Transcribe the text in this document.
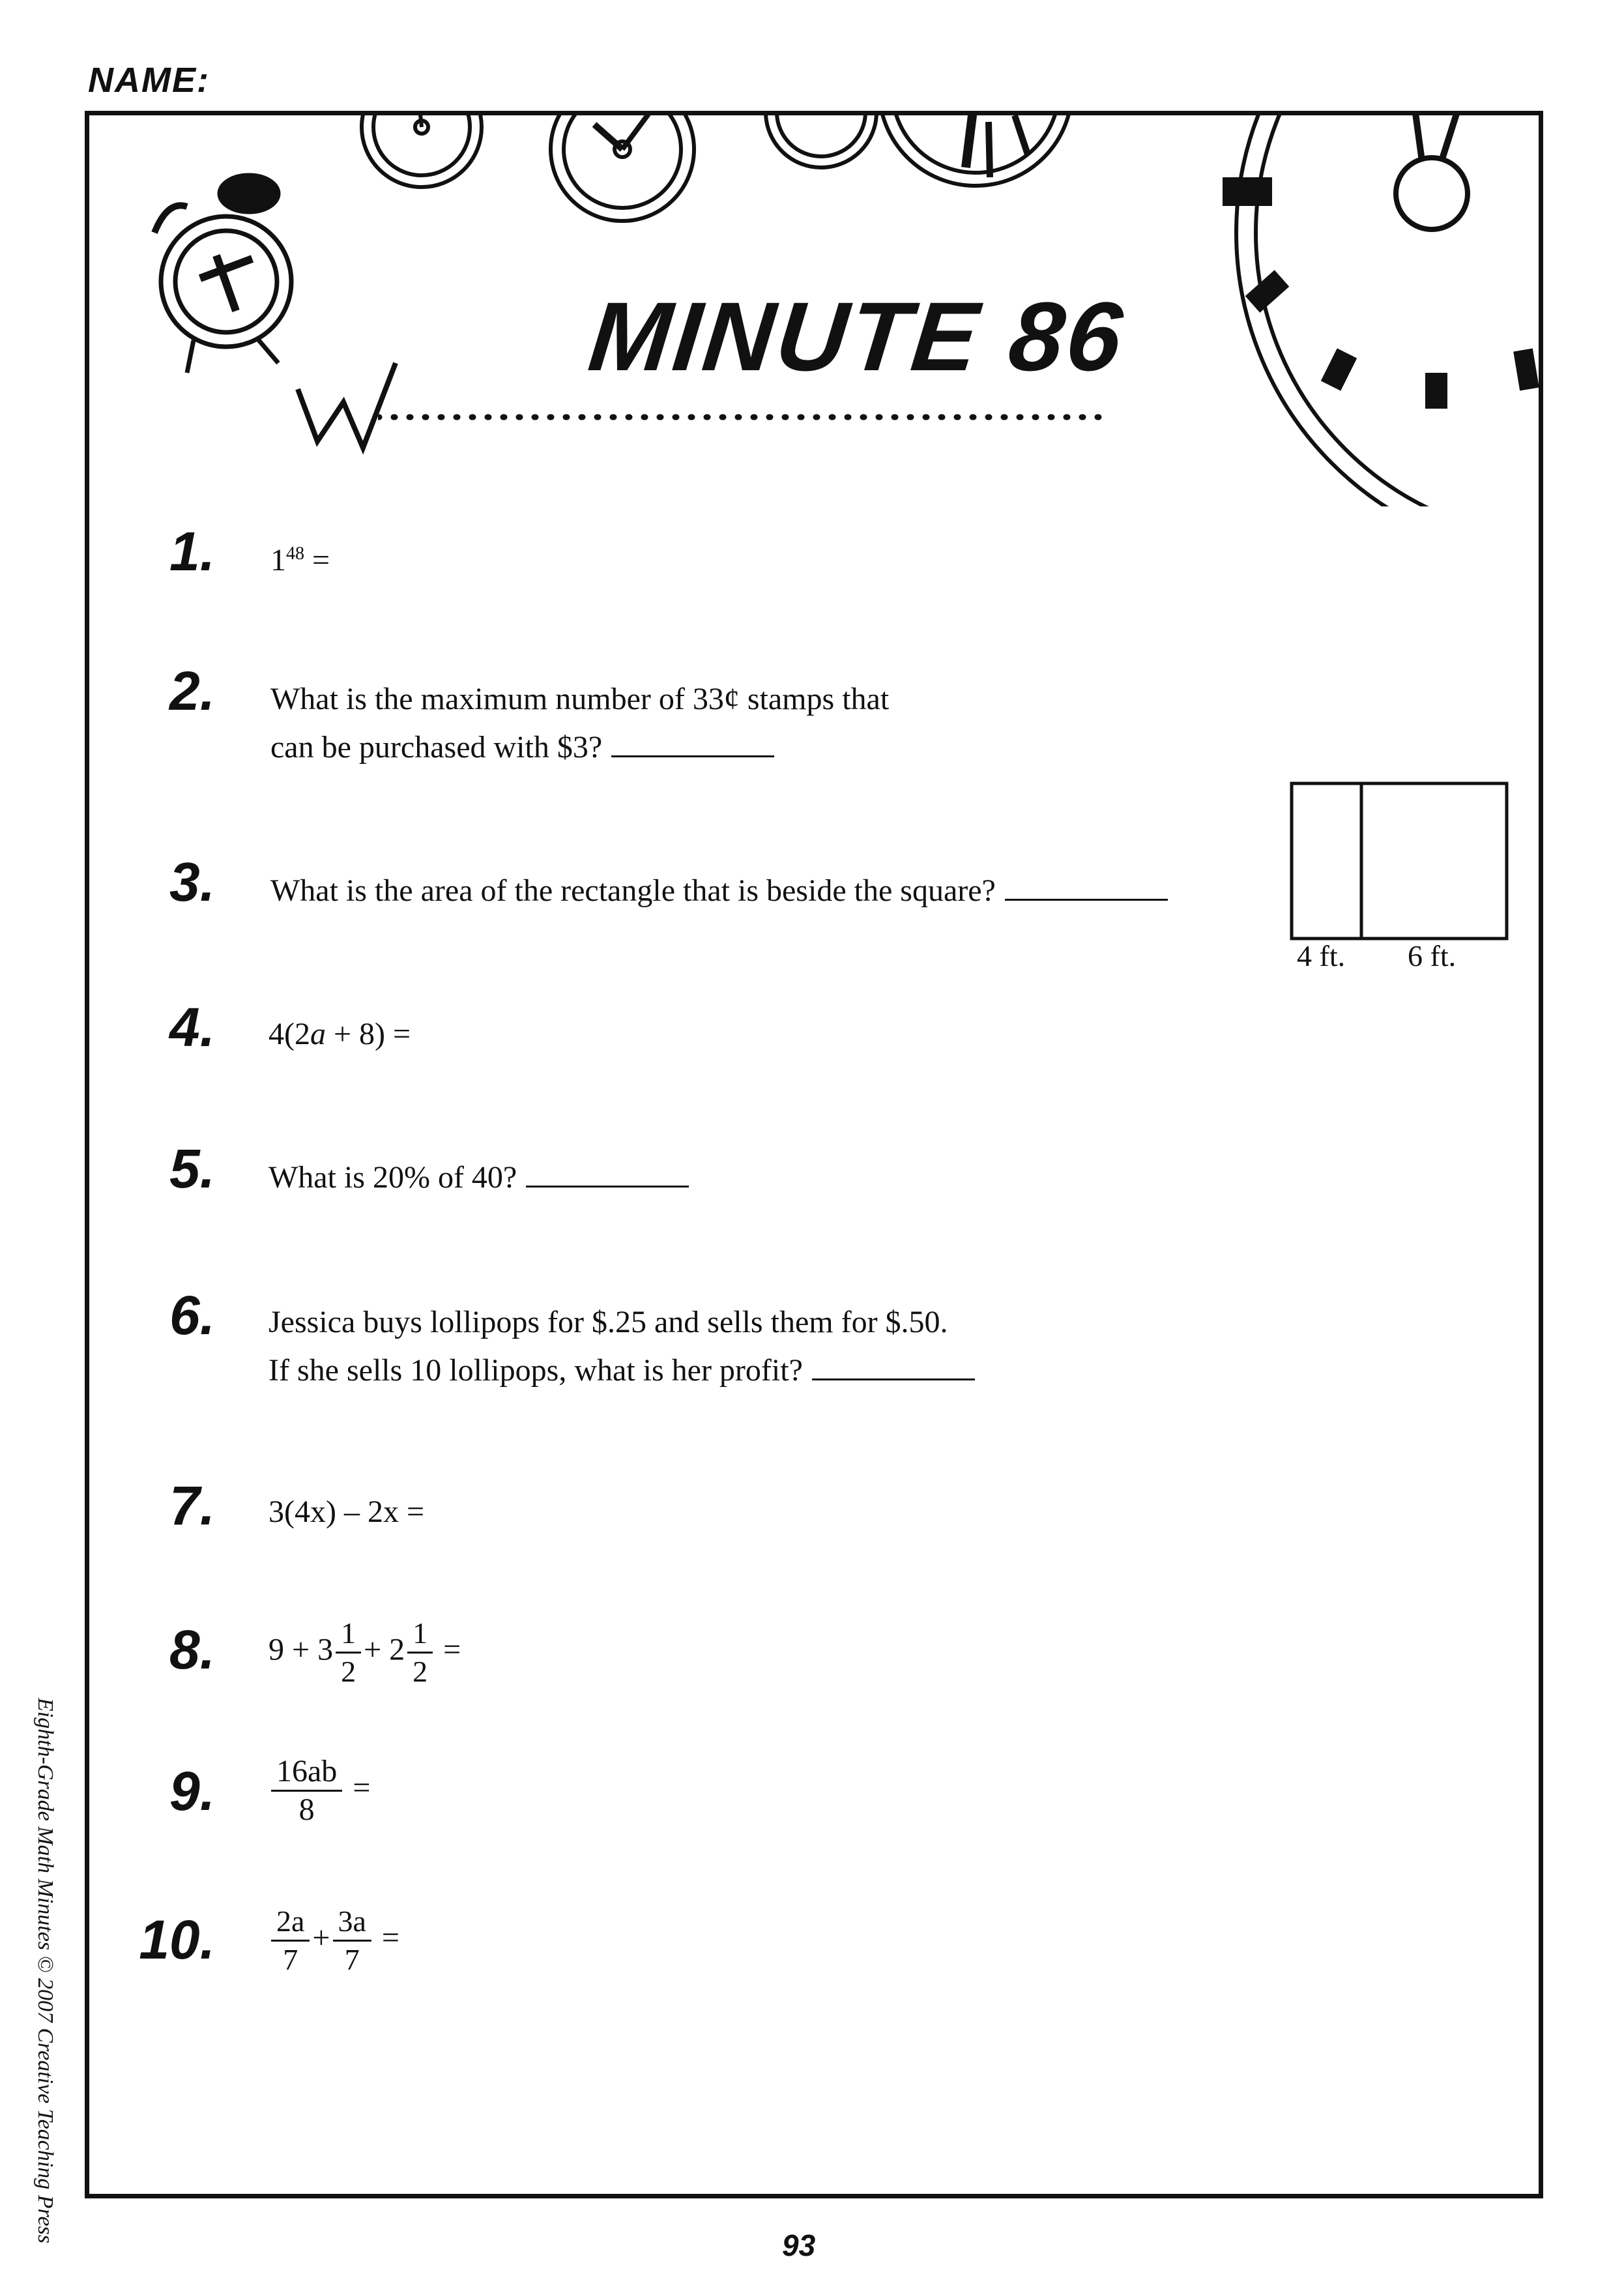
NAME:
MINUTE 86
1. $1^{48}$ =
2. What is the maximum number of 33¢ stamps that
can be purchased with $3?
3. What is the area of the rectangle that is beside the square?
4 ft. 6 ft.
4. 4(2a + 8) =
5. What is 20% of 40?
6. Jessica buys lollipops for $.25 and sells them for $.50.
If she sells 10 lollipops, what is her profit?
7. 3(4x) – 2x =
8. $9 + 3 \frac{1}{2} + 2 \frac{1}{2}$ =
9. $\frac{16ab}{8}$ =
10. $\frac{2a}{7} + \frac{3a}{7}$ =
Eighth-Grade Math Minutes © 2007 Creative Teaching Press
93
